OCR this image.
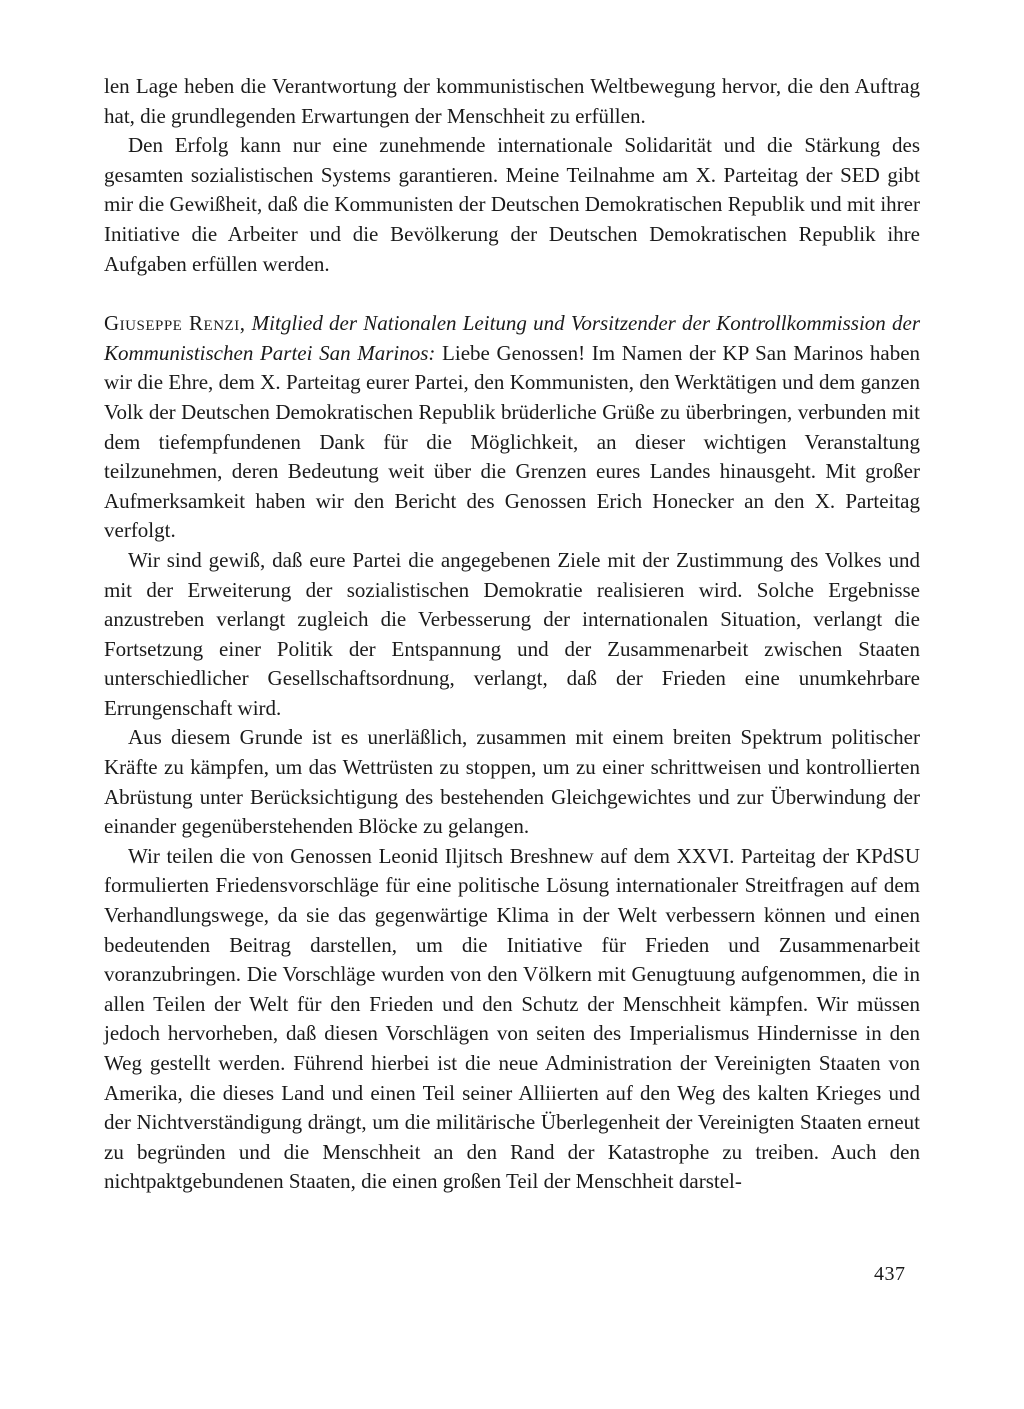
len Lage heben die Verantwortung der kommunistischen Weltbewegung hervor, die den Auftrag hat, die grundlegenden Erwartungen der Menschheit zu erfüllen.

Den Erfolg kann nur eine zunehmende internationale Solidarität und die Stärkung des gesamten sozialistischen Systems garantieren. Meine Teilnahme am X. Parteitag der SED gibt mir die Gewißheit, daß die Kommunisten der Deutschen Demokratischen Republik und mit ihrer Initiative die Arbeiter und die Bevölkerung der Deutschen Demokratischen Republik ihre Aufgaben erfüllen werden.

Giuseppe Renzi, Mitglied der Nationalen Leitung und Vorsitzender der Kontrollkommission der Kommunistischen Partei San Marinos: Liebe Genossen! Im Namen der KP San Marinos haben wir die Ehre, dem X. Parteitag eurer Partei, den Kommunisten, den Werktätigen und dem ganzen Volk der Deutschen Demokratischen Republik brüderliche Grüße zu überbringen, verbunden mit dem tiefempfundenen Dank für die Möglichkeit, an dieser wichtigen Veranstaltung teilzunehmen, deren Bedeutung weit über die Grenzen eures Landes hinausgeht. Mit großer Aufmerksamkeit haben wir den Bericht des Genossen Erich Honecker an den X. Parteitag verfolgt.

Wir sind gewiß, daß eure Partei die angegebenen Ziele mit der Zustimmung des Volkes und mit der Erweiterung der sozialistischen Demokratie realisieren wird. Solche Ergebnisse anzustreben verlangt zugleich die Verbesserung der internationalen Situation, verlangt die Fortsetzung einer Politik der Entspannung und der Zusammenarbeit zwischen Staaten unterschiedlicher Gesellschaftsordnung, verlangt, daß der Frieden eine unumkehrbare Errungenschaft wird.

Aus diesem Grunde ist es unerläßlich, zusammen mit einem breiten Spektrum politischer Kräfte zu kämpfen, um das Wettrüsten zu stoppen, um zu einer schrittweisen und kontrollierten Abrüstung unter Berücksichtigung des bestehenden Gleichgewichtes und zur Überwindung der einander gegenüberstehenden Blöcke zu gelangen.

Wir teilen die von Genossen Leonid Iljitsch Breshnew auf dem XXVI. Parteitag der KPdSU formulierten Friedensvorschläge für eine politische Lösung internationaler Streitfragen auf dem Verhandlungswege, da sie das gegenwärtige Klima in der Welt verbessern können und einen bedeutenden Beitrag darstellen, um die Initiative für Frieden und Zusammenarbeit voranzubringen. Die Vorschläge wurden von den Völkern mit Genugtuung aufgenommen, die in allen Teilen der Welt für den Frieden und den Schutz der Menschheit kämpfen. Wir müssen jedoch hervorheben, daß diesen Vorschlägen von seiten des Imperialismus Hindernisse in den Weg gestellt werden. Führend hierbei ist die neue Administration der Vereinigten Staaten von Amerika, die dieses Land und einen Teil seiner Alliierten auf den Weg des kalten Krieges und der Nichtverständigung drängt, um die militärische Überlegenheit der Vereinigten Staaten erneut zu begründen und die Menschheit an den Rand der Katastrophe zu treiben. Auch den nichtpaktgebundenen Staaten, die einen großen Teil der Menschheit darstel-

437
